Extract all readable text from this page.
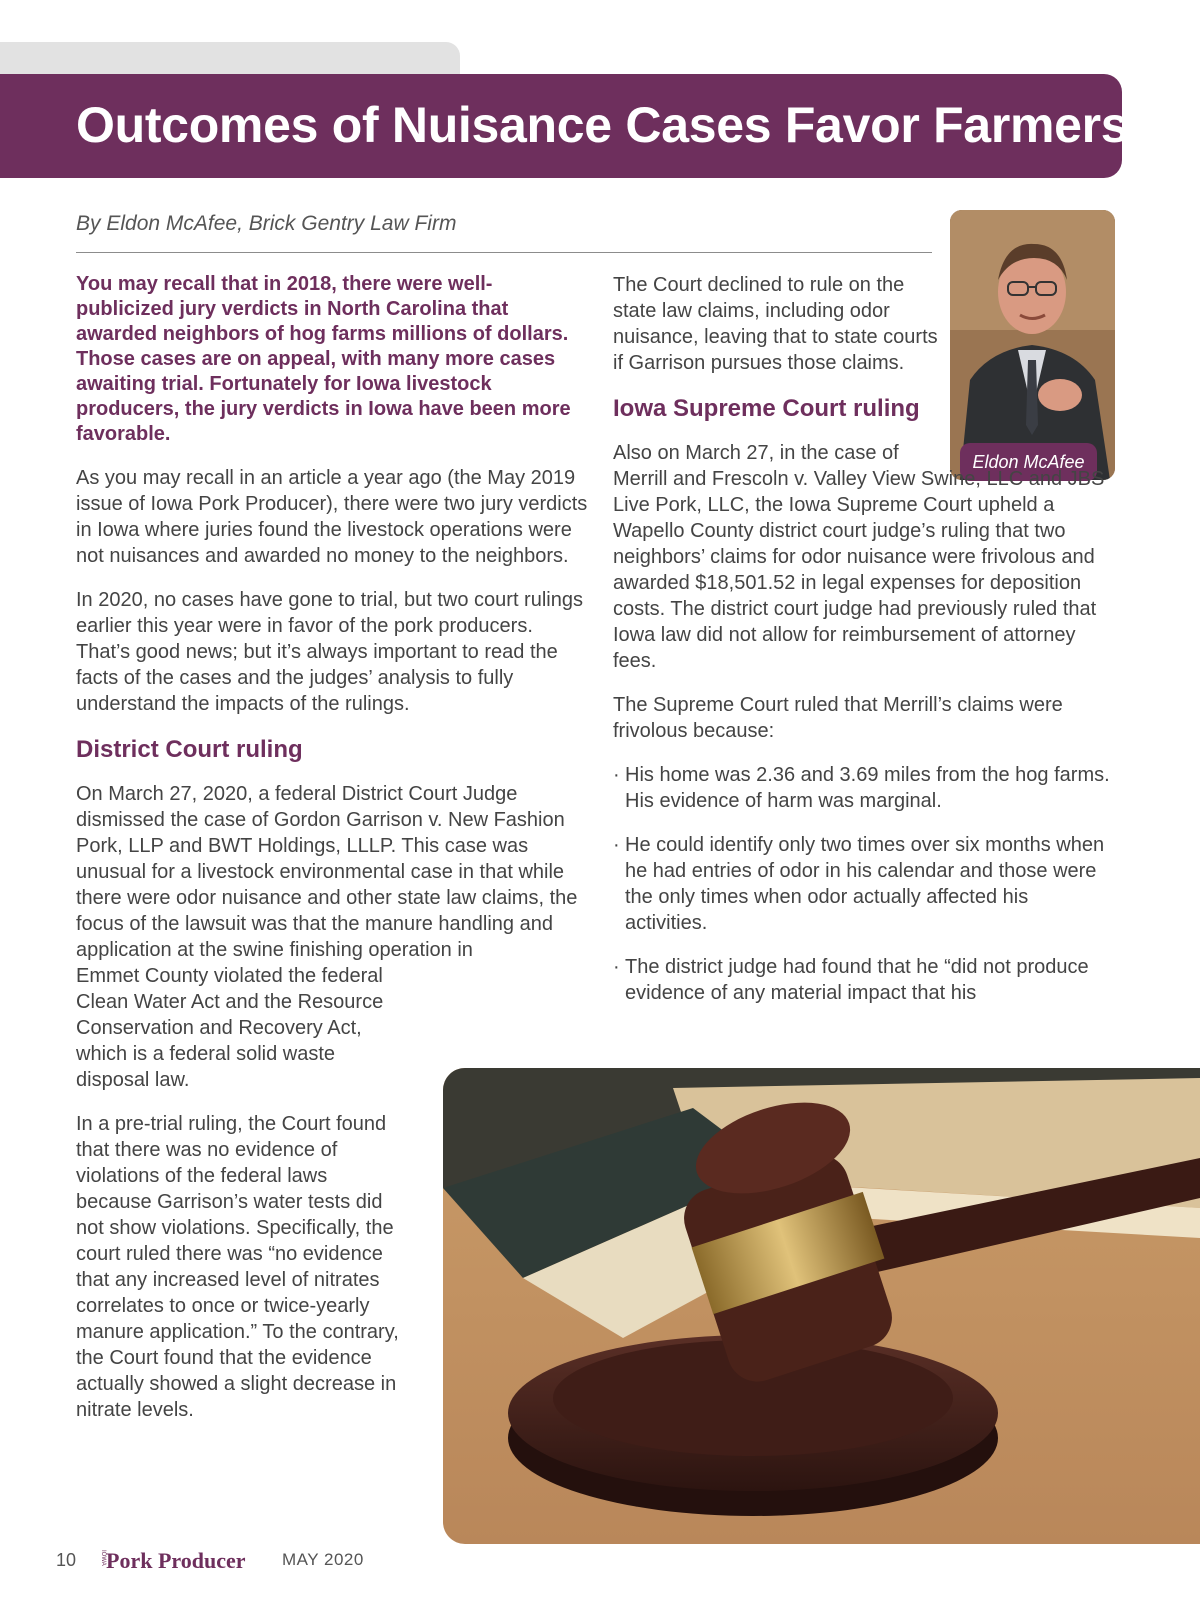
Outcomes of Nuisance Cases Favor Farmers
By Eldon McAfee, Brick Gentry Law Firm
Eldon McAfee

You may recall that in 2018, there were well-publicized jury verdicts in North Carolina that awarded neighbors of hog farms millions of dollars. Those cases are on appeal, with many more cases awaiting trial. Fortunately for Iowa livestock producers, the jury verdicts in Iowa have been more favorable.

As you may recall in an article a year ago (the May 2019 issue of Iowa Pork Producer), there were two jury verdicts in Iowa where juries found the livestock operations were not nuisances and awarded no money to the neighbors.

In 2020, no cases have gone to trial, but two court rulings earlier this year were in favor of the pork producers. That’s good news; but it’s always important to read the facts of the cases and the judges’ analysis to fully understand the impacts of the rulings.

District Court ruling

On March 27, 2020, a federal District Court Judge dismissed the case of Gordon Garrison v. New Fashion Pork, LLP and BWT Holdings, LLLP. This case was unusual for a livestock environmental case in that while there were odor nuisance and other state law claims, the focus of the lawsuit was that the manure handling and application at the swine finishing operation in

Emmet County violated the federal Clean Water Act and the Resource Conservation and Recovery Act, which is a federal solid waste disposal law.

In a pre-trial ruling, the Court found that there was no evidence of violations of the federal laws because Garrison’s water tests did not show violations. Specifically, the court ruled there was “no evidence that any increased level of nitrates correlates to once or twice-yearly manure application.” To the contrary, the Court found that the evidence actually showed a slight decrease in nitrate levels.

The Court declined to rule on the state law claims, including odor nuisance, leaving that to state courts if Garrison pursues those claims.

Iowa Supreme Court ruling

Also on March 27, in the case of

Merrill and Frescoln v. Valley View Swine, LLC and JBS Live Pork, LLC, the Iowa Supreme Court upheld a Wapello County district court judge’s ruling that two neighbors’ claims for odor nuisance were frivolous and awarded $18,501.52 in legal expenses for deposition costs. The district court judge had previously ruled that Iowa law did not allow for reimbursement of attorney fees.

The Supreme Court ruled that Merrill’s claims were frivolous because:

· His home was 2.36 and 3.69 miles from the hog farms. His evidence of harm was marginal.
· He could identify only two times over six months when he had entries of odor in his calendar and those were the only times when odor actually affected his activities.
· The district judge had found that he “did not produce evidence of any material impact that his
10	IOWA Pork Producer MAY 2020
